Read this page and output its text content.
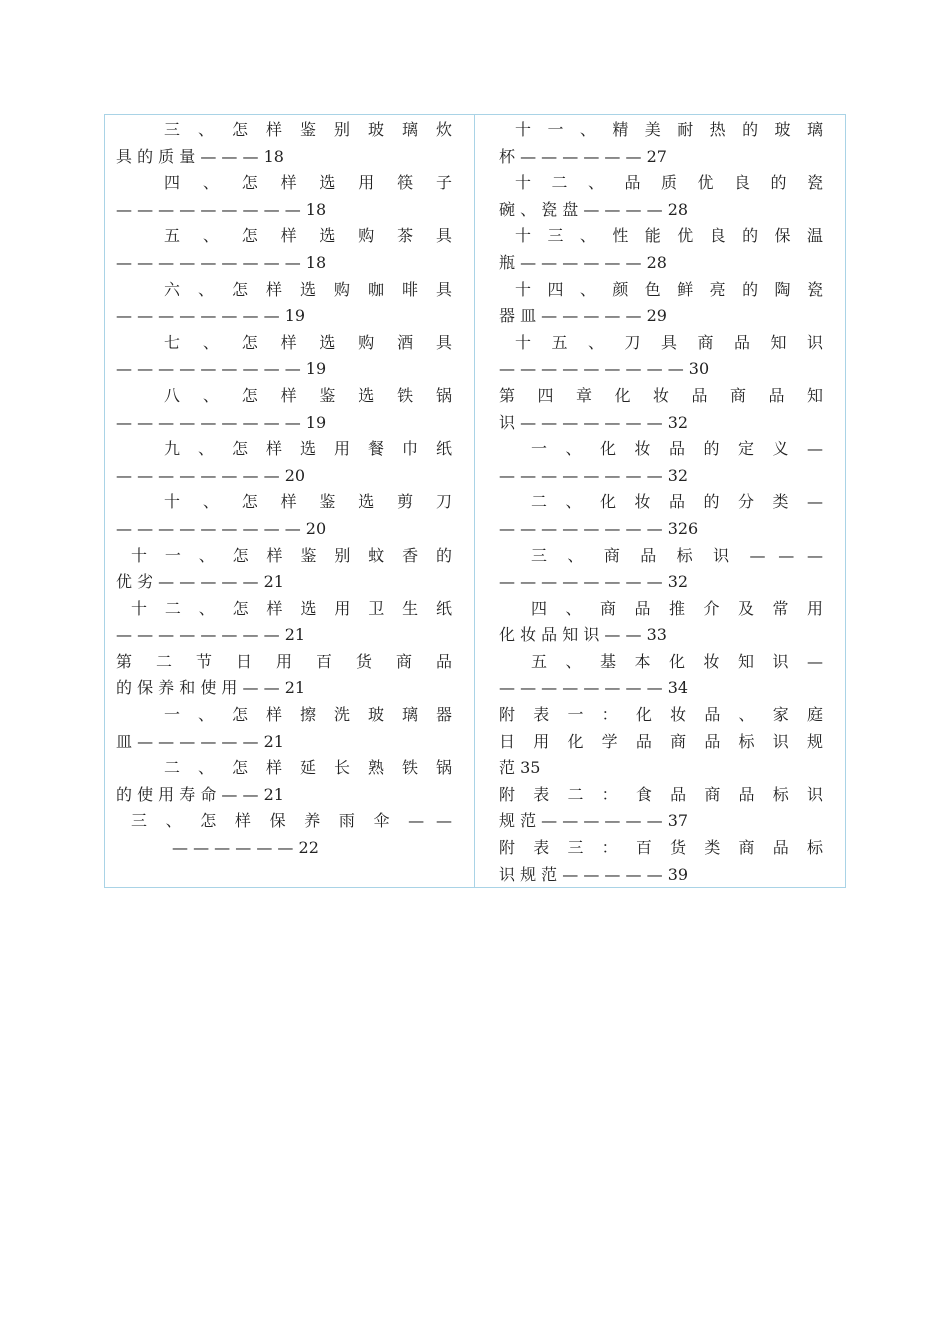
三 、 怎 样 鉴 别 玻 璃 炊
具 的 质 量 — — — 18
四 、 怎 样 选 用 筷 子
— — — — — — — — — 18
五 、 怎 样 选 购 茶 具
— — — — — — — — — 18
六 、 怎 样 选 购 咖 啡 具
— — — — — — — — 19
七 、 怎 样 选 购 酒 具
— — — — — — — — — 19
八 、 怎 样 鉴 选 铁 锅
— — — — — — — — — 19
九 、 怎 样 选 用 餐 巾 纸
— — — — — — — — 20
十 、 怎 样 鉴 选 剪 刀
— — — — — — — — — 20
十 一 、 怎 样 鉴 别 蚊 香 的
优 劣 — — — — — 21
十 二 、 怎 样 选 用 卫 生 纸
— — — — — — — — 21
第 二 节 日 用 百 货 商 品
的 保 养 和 使 用 — — 21
一 、 怎 样 擦 洗 玻 璃 器
皿 — — — — — — 21
二 、 怎 样 延 长 熟 铁 锅
的 使 用 寿 命 — — 21
三 、 怎 样 保 养 雨 伞 — —
— — — — — — 22
十 一 、 精 美 耐 热 的 玻 璃
杯 — — — — — — 27
十 二 、 品 质 优 良 的 瓷
碗 、 瓷 盘 — — — — 28
十 三 、 性 能 优 良 的 保 温
瓶 — — — — — — 28
十 四 、 颜 色 鲜 亮 的 陶 瓷
器 皿 — — — — — 29
十 五 、 刀 具 商 品 知 识
— — — — — — — — — 30
第 四 章 化 妆 品 商 品 知
识 — — — — — — — 32
一 、 化 妆 品 的 定 义 —
— — — — — — — — 32
二 、 化 妆 品 的 分 类 —
— — — — — — — — 326
三 、 商 品 标 识 — — —
— — — — — — — — 32
四 、 商 品 推 介 及 常 用
化 妆 品 知 识 — — 33
五 、 基 本 化 妆 知 识 —
— — — — — — — — 34
附 表 一 ： 化 妆 品 、 家 庭
日 用 化 学 品 商 品 标 识 规
范 35
附 表 二 ： 食 品 商 品 标 识
规 范 — — — — — — 37
附 表 三 ： 百 货 类 商 品 标
识 规 范 — — — — — 39
